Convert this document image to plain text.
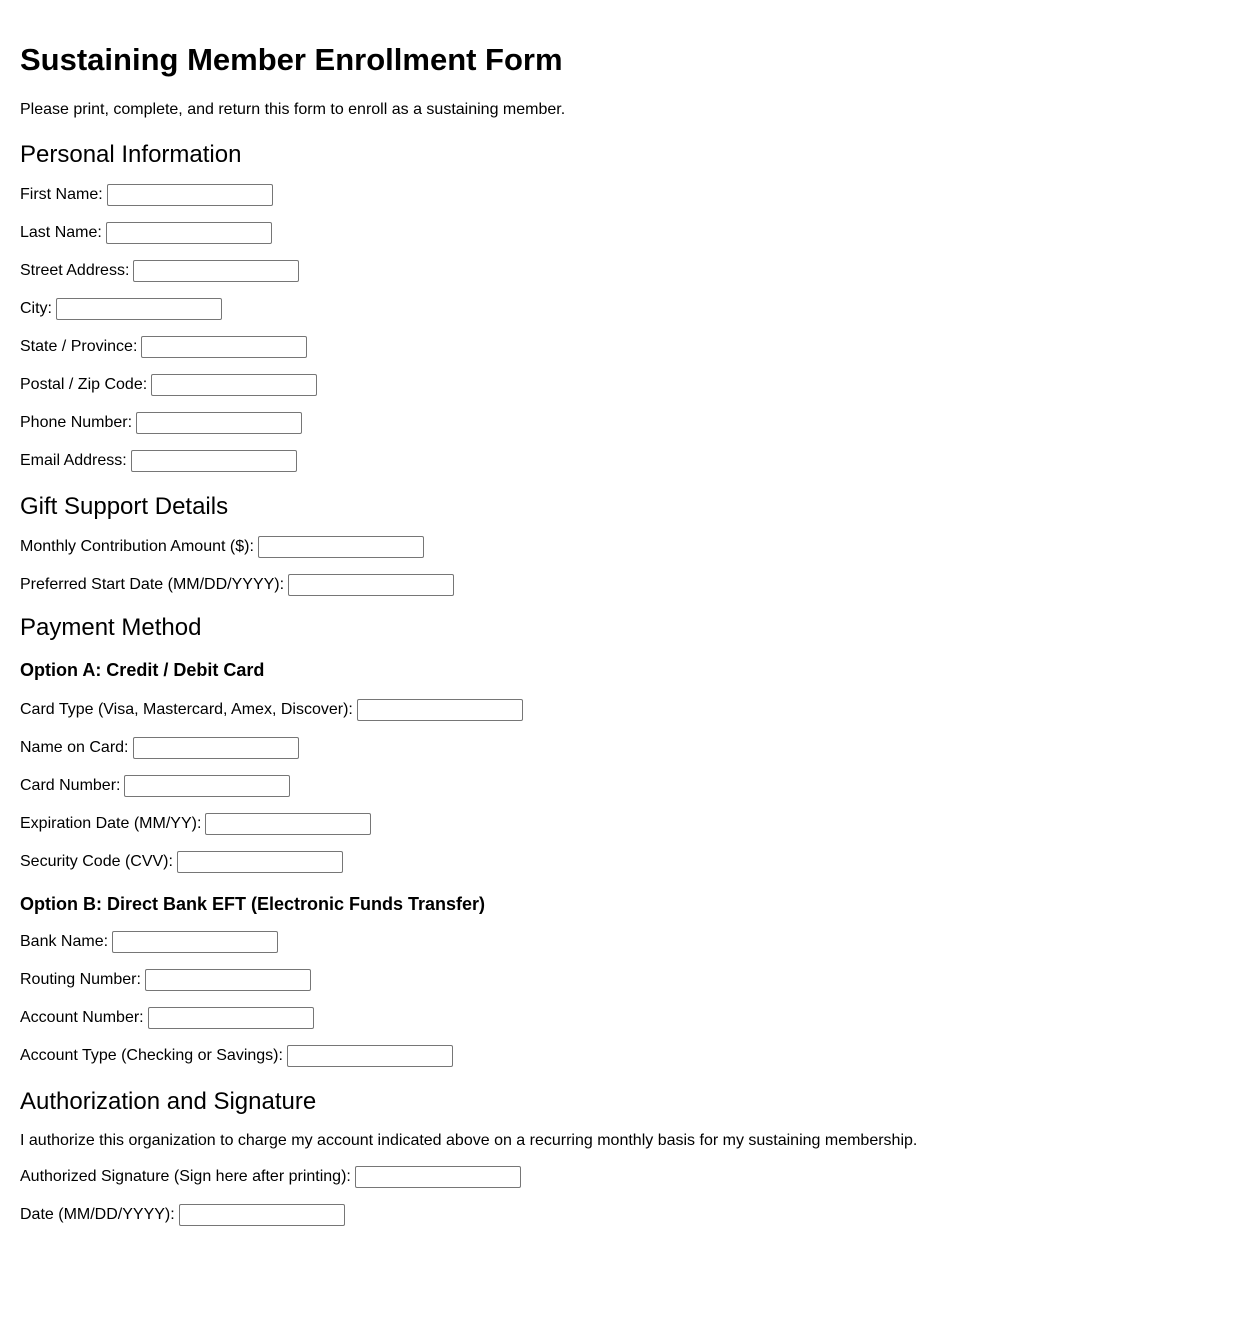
Sustaining Member Enrollment Form

Please print, complete, and return this form to enroll as a sustaining member.

Personal Information
First Name:
Last Name:
Street Address:
City:
State / Province:
Postal / Zip Code:
Phone Number:
Email Address:
Gift Support Details
Monthly Contribution Amount ($):
Preferred Start Date (MM/DD/YYYY):
Payment Method
Option A: Credit / Debit Card
Card Type (Visa, Mastercard, Amex, Discover):
Name on Card:
Card Number:
Expiration Date (MM/YY):
Security Code (CVV):
Option B: Direct Bank EFT (Electronic Funds Transfer)
Bank Name:
Routing Number:
Account Number:
Account Type (Checking or Savings):
Authorization and Signature

I authorize this organization to charge my account indicated above on a recurring monthly basis for my sustaining membership.

Authorized Signature (Sign here after printing):
Date (MM/DD/YYYY):
